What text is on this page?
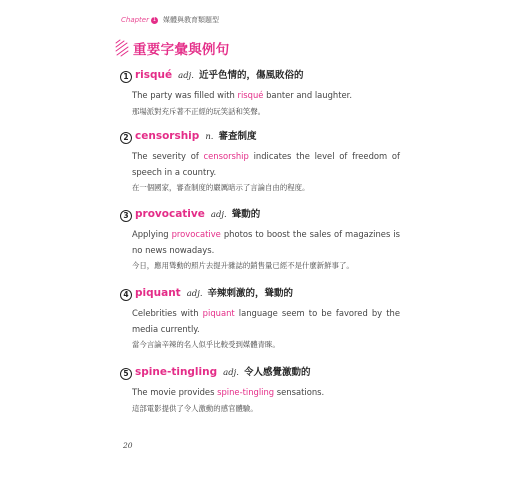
Chapter 1 媒體與教育類題型
重要字彙與例句
1 risqué adj. 近乎色情的，傷風敗俗的
The party was filled with risqué banter and laughter.
那場派對充斥著不正經的玩笑話和笑聲。
2 censorship n. 審查制度
The severity of censorship indicates the level of freedom of speech in a country.
在一個國家，審查制度的嚴厲暗示了言論自由的程度。
3 provocative adj. 聳動的
Applying provocative photos to boost the sales of magazines is no news nowadays.
今日，應用聳動的照片去提升雜誌的銷售量已經不是什麼新鮮事了。
4 piquant adj. 辛辣刺激的，聳動的
Celebrities with piquant language seem to be favored by the media currently.
當今言論辛辣的名人似乎比較受到媒體青睞。
5 spine-tingling adj. 令人感覺激動的
The movie provides spine-tingling sensations.
這部電影提供了令人激動的感官體驗。
20
